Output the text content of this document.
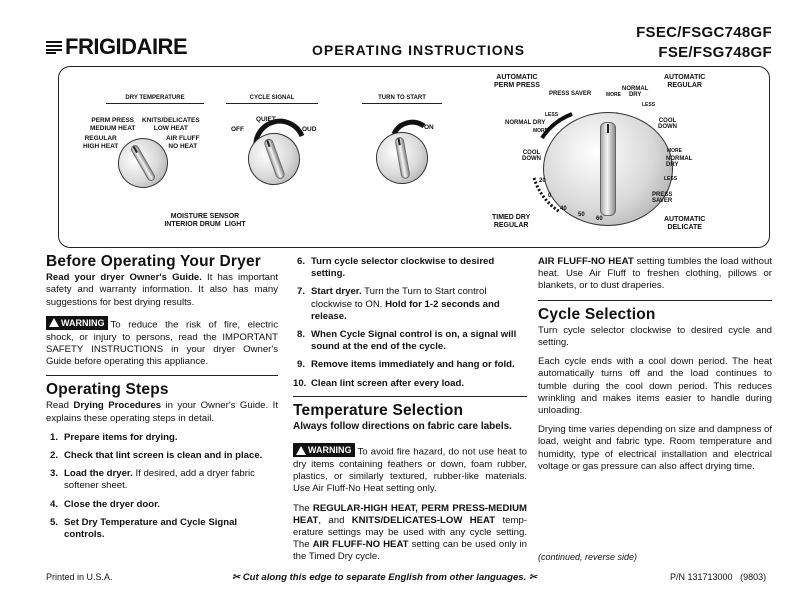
FRIGIDAIRE	OPERATING INSTRUCTIONS
FSEC/FSGC748GF
FSE/FSG748GF
DRY TEMPERATURE
PERM PRESS
MEDIUM HEAT
KNITS/DELICATES
LOW HEAT
REGULAR
HIGH HEAT
AIR FLUFF
NO HEAT
CYCLE SIGNAL
OFF
QUIET
LOUD
TURN TO START
ON
MOISTURE SENSOR
INTERIOR DRUM  LIGHT
AUTOMATIC
PERM PRESS
AUTOMATIC
REGULAR
AUTOMATIC
DELICATE
TIMED DRY
REGULAR
PRESS SAVER
NORMAL DRY
LESS
MORE
COOL
DOWN
MORE
NORMAL
DRY
LESS
COOL
DOWN
MORE
NORMAL
DRY
LESS
PRESS
SAVER
20
0
40
50
60
Before Operating Your Dryer

Read your dryer Owner's Guide. It has important safety and warranty information. It also has many suggestions for best drying results.

WARNING To reduce the risk of fire, electric shock, or injury to persons, read the IMPORTANT SAFETY INSTRUCTIONS in your dryer Owner's Guide before operating this appliance.

Operating Steps

Read Drying Procedures in your Owner's Guide. It explains these operating steps in detail.

1. Prepare items for drying.
2. Check that lint screen is clean and in place.
3. Load the dryer. If desired, add a dryer fabric softener sheet.
4. Close the dryer door.
5. Set Dry Temperature and Cycle Signal controls.
6. Turn cycle selector clockwise to desired setting.
7. Start dryer. Turn the Turn to Start control clockwise to ON. Hold for 1-2 seconds and release.
8. When Cycle Signal control is on, a signal will sound at the end of the cycle.
9. Remove items immediately and hang or fold.
10. Clean lint screen after every load.
Temperature Selection

Always follow directions on fabric care labels.

WARNING To avoid fire hazard, do not use heat to dry items containing feathers or down, foam rubber, plastics, or similarly textured, rubber-like materials. Use Air Fluff-No Heat setting only.

The REGULAR-HIGH HEAT, PERM PRESS-MEDIUM HEAT, and KNITS/DELICATES-LOW HEAT temp-erature settings may be used with any cycle setting. The AIR FLUFF-NO HEAT setting can be used only in the Timed Dry cycle.

AIR FLUFF-NO HEAT setting tumbles the load without heat. Use Air Fluff to freshen clothing, pillows or blankets, or to dust draperies.

Cycle Selection

Turn cycle selector clockwise to desired cycle and setting.

Each cycle ends with a cool down period. The heat automatically turns off and the load continues to tumble during the cool down period. This reduces wrinkling and makes items easier to handle during unloading.

Drying time varies depending on size and dampness of load, weight and fabric type. Room temperature and humidity, type of electrical installation and electrical voltage or gas pressure can also affect drying time.

(continued, reverse side)
Printed in U.S.A.	✂ Cut along this edge to separate English from other languages. ✂	P/N 131713000 (9803)
